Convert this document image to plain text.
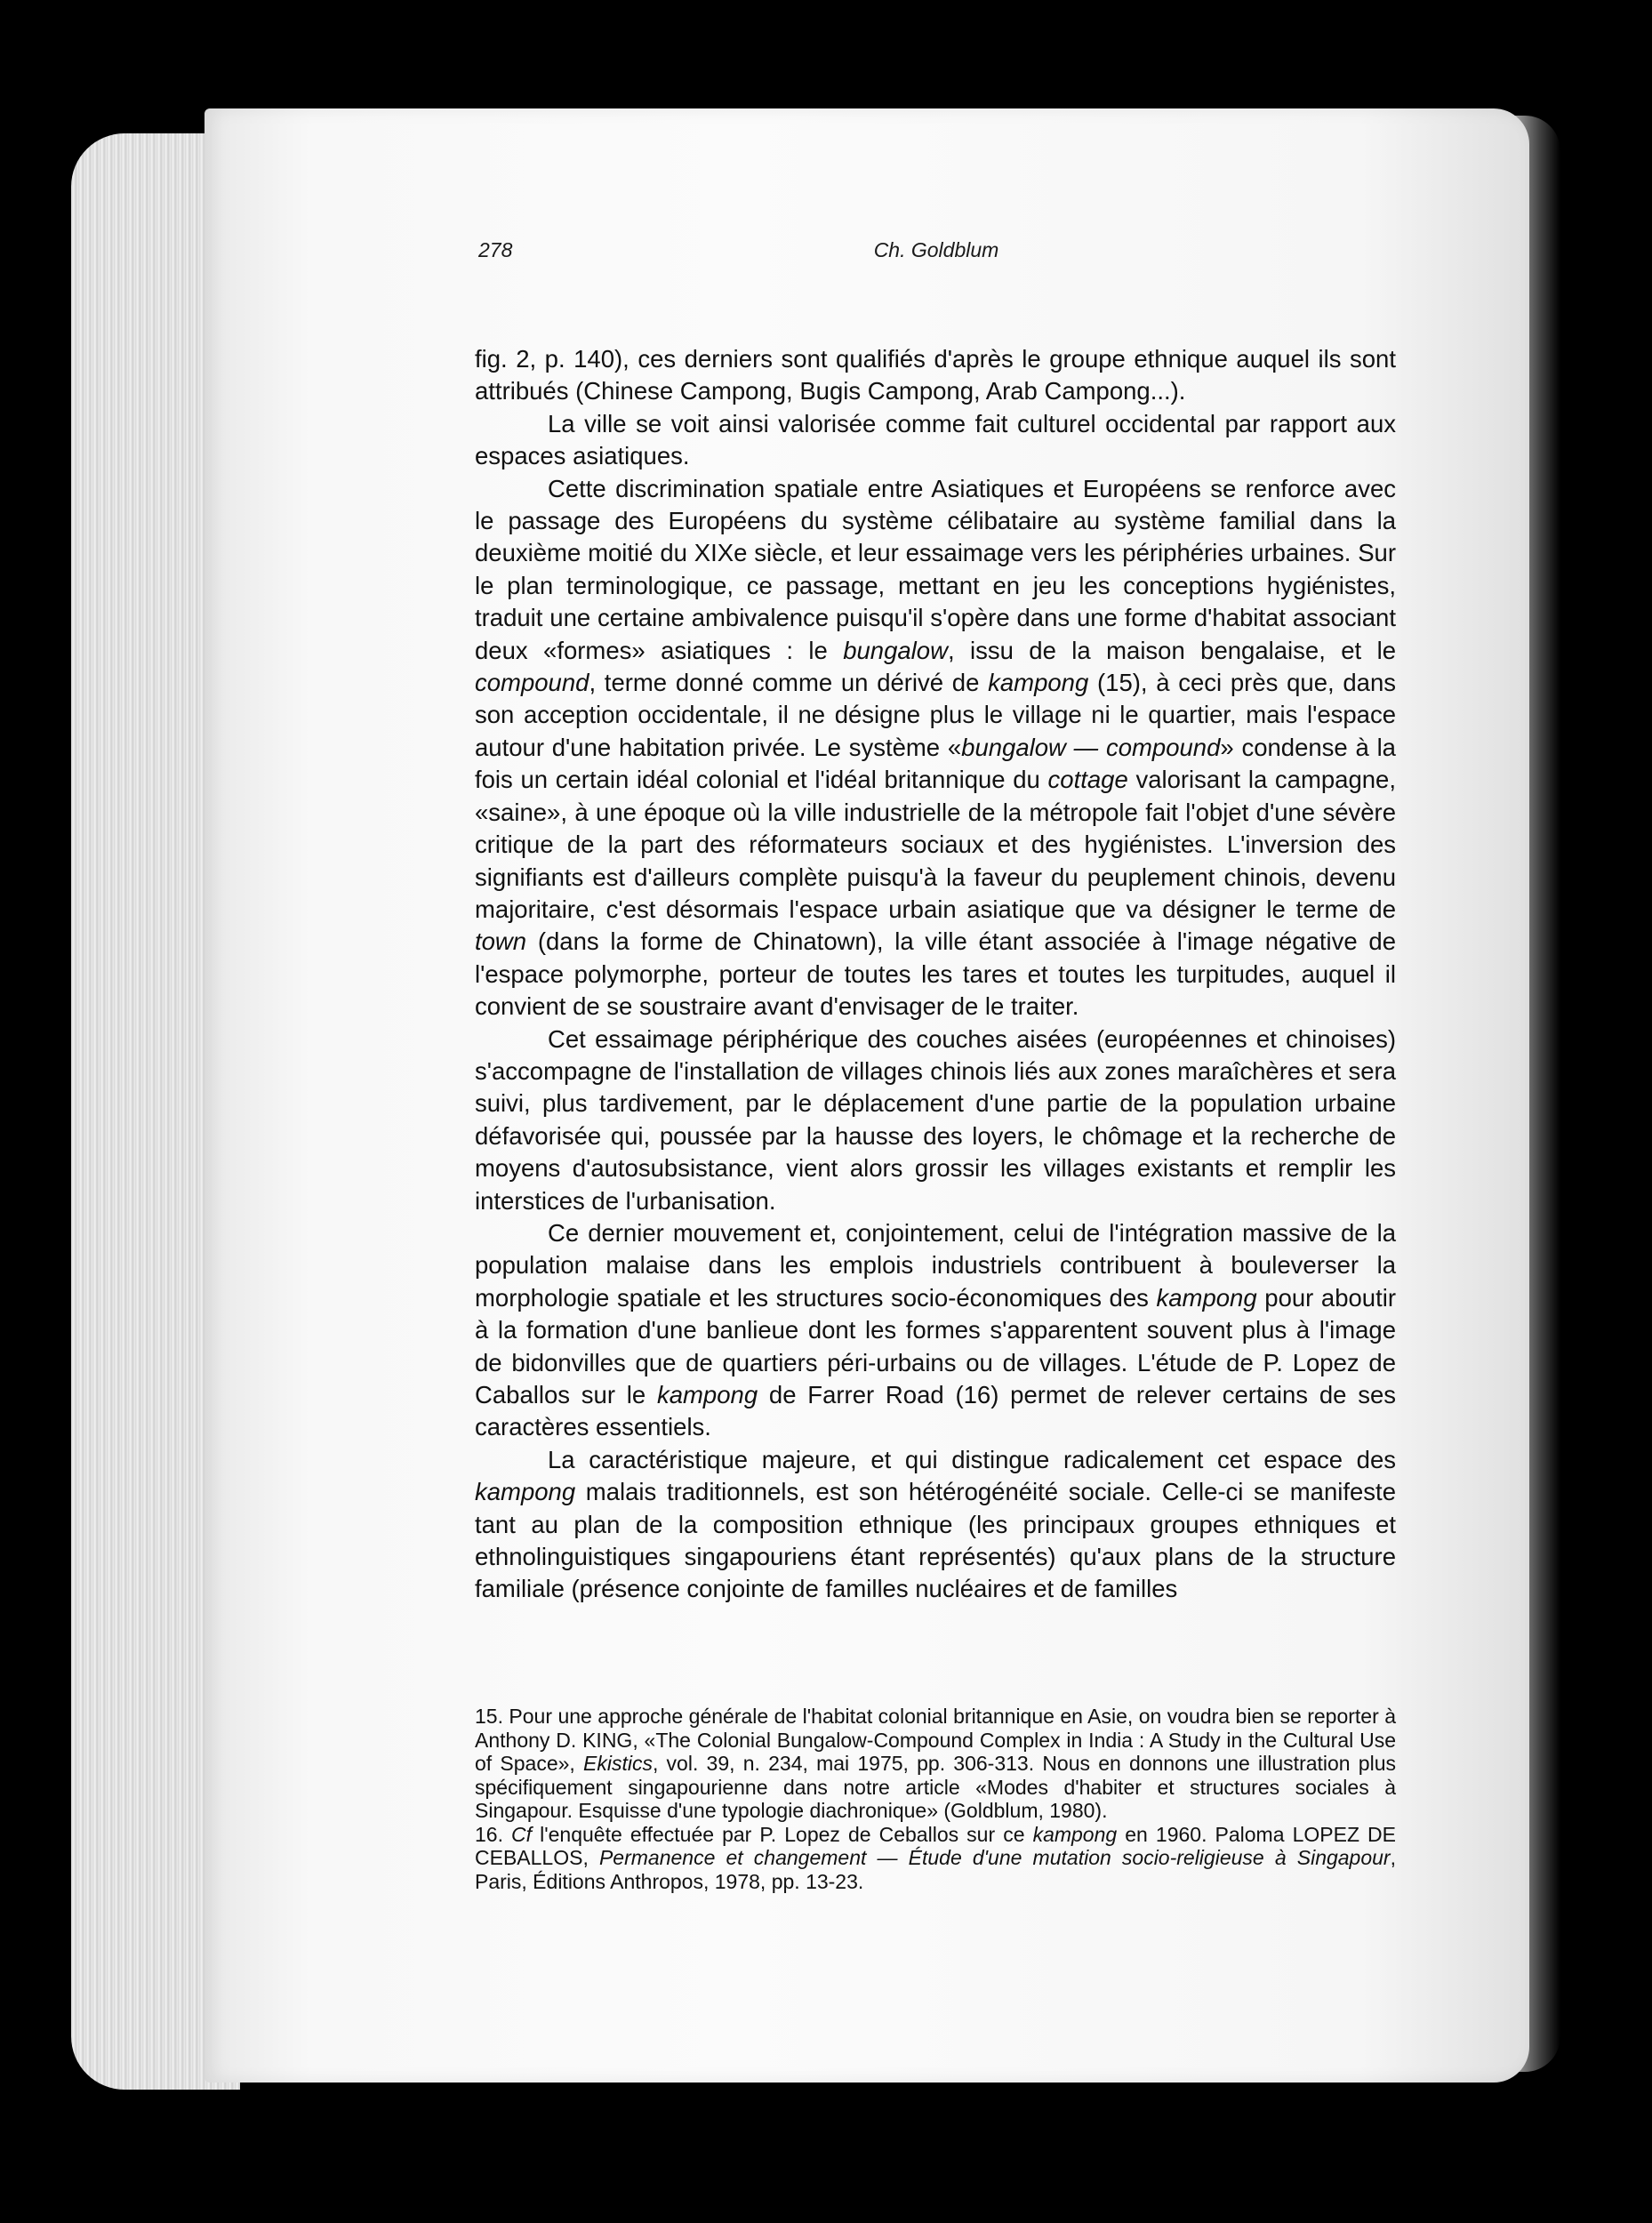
278	Ch. Goldblum

fig. 2, p. 140), ces derniers sont qualifiés d'après le groupe ethnique auquel ils sont attribués (Chinese Campong, Bugis Campong, Arab Campong...).

La ville se voit ainsi valorisée comme fait culturel occidental par rapport aux espaces asiatiques.

Cette discrimination spatiale entre Asiatiques et Européens se renforce avec le passage des Européens du système célibataire au système familial dans la deuxième moitié du XIXe siècle, et leur essaimage vers les périphéries urbaines. Sur le plan terminologique, ce passage, mettant en jeu les conceptions hygiénistes, traduit une certaine ambivalence puisqu'il s'opère dans une forme d'habitat associant deux «formes» asiatiques : le bungalow, issu de la maison bengalaise, et le compound, terme donné comme un dérivé de kampong (15), à ceci près que, dans son acception occidentale, il ne désigne plus le village ni le quartier, mais l'espace autour d'une habitation privée. Le système «bungalow — compound» condense à la fois un certain idéal colonial et l'idéal britannique du cottage valorisant la campagne, «saine», à une époque où la ville industrielle de la métropole fait l'objet d'une sévère critique de la part des réformateurs sociaux et des hygiénistes. L'inversion des signifiants est d'ailleurs complète puisqu'à la faveur du peuplement chinois, devenu majoritaire, c'est désormais l'espace urbain asiatique que va désigner le terme de town (dans la forme de Chinatown), la ville étant associée à l'image négative de l'espace polymorphe, porteur de toutes les tares et toutes les turpitudes, auquel il convient de se soustraire avant d'envisager de le traiter.

Cet essaimage périphérique des couches aisées (européennes et chinoises) s'accompagne de l'installation de villages chinois liés aux zones maraîchères et sera suivi, plus tardivement, par le déplacement d'une partie de la population urbaine défavorisée qui, poussée par la hausse des loyers, le chômage et la recherche de moyens d'autosubsistance, vient alors grossir les villages existants et remplir les interstices de l'urbanisation.

Ce dernier mouvement et, conjointement, celui de l'intégration massive de la population malaise dans les emplois industriels contribuent à bouleverser la morphologie spatiale et les structures socio-économiques des kampong pour aboutir à la formation d'une banlieue dont les formes s'apparentent souvent plus à l'image de bidonvilles que de quartiers péri-urbains ou de villages. L'étude de P. Lopez de Caballos sur le kampong de Farrer Road (16) permet de relever certains de ses caractères essentiels.

La caractéristique majeure, et qui distingue radicalement cet espace des kampong malais traditionnels, est son hétérogénéité sociale. Celle-ci se manifeste tant au plan de la composition ethnique (les principaux groupes ethniques et ethnolinguistiques singapouriens étant représentés) qu'aux plans de la structure familiale (présence conjointe de familles nucléaires et de familles

15. Pour une approche générale de l'habitat colonial britannique en Asie, on voudra bien se reporter à Anthony D. KING, «The Colonial Bungalow-Compound Complex in India : A Study in the Cultural Use of Space», Ekistics, vol. 39, n. 234, mai 1975, pp. 306-313. Nous en donnons une illustration plus spécifiquement singapourienne dans notre article «Modes d'habiter et structures sociales à Singapour. Esquisse d'une typologie diachronique» (Goldblum, 1980).

16. Cf l'enquête effectuée par P. Lopez de Ceballos sur ce kampong en 1960. Paloma LOPEZ DE CEBALLOS, Permanence et changement — Étude d'une mutation socio-religieuse à Singapour, Paris, Éditions Anthropos, 1978, pp. 13-23.
